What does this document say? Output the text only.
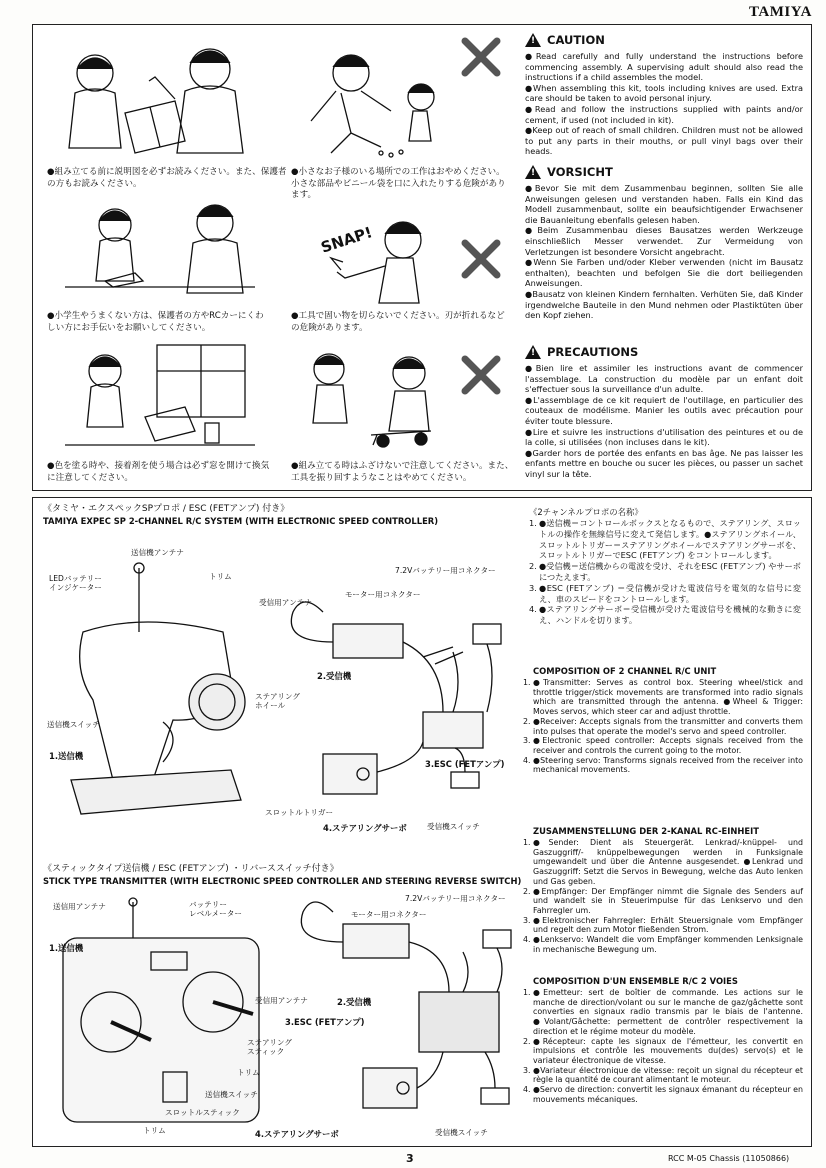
TAMIYA
●組み立てる前に説明図を必ずお読みください。また、保護者の方もお読みください。
●小さなお子様のいる場所での工作はおやめください。小さな部品やビニール袋を口に入れたりする危険があります。
●小学生やうまくない方は、保護者の方やRCカーにくわしい方にお手伝いをお願いしてください。
SNAP!
●工具で固い物を切らないでください。刃が折れるなどの危険があります。
●色を塗る時や、接着剤を使う場合は必ず窓を開けて換気に注意してください。
●組み立てる時はふざけないで注意してください。また、工具を振り回すようなことはやめてください。
!
CAUTION

●Read carefully and fully understand the instructions before commencing assembly. A supervising adult should also read the instructions if a child assembles the model.

●When assembling this kit, tools including knives are used. Extra care should be taken to avoid personal injury.

●Read and follow the instructions supplied with paints and/or cement, if used (not included in kit).

●Keep out of reach of small children. Children must not be allowed to put any parts in their mouths, or pull vinyl bags over their heads.

!
VORSICHT

●Bevor Sie mit dem Zusammenbau beginnen, sollten Sie alle Anweisungen gelesen und verstanden haben. Falls ein Kind das Modell zusammenbaut, sollte ein beaufsichtigender Erwachsener die Bauanleitung ebenfalls gelesen haben.

●Beim Zusammenbau dieses Bausatzes werden Werkzeuge einschließlich Messer verwendet. Zur Vermeidung von Verletzungen ist besondere Vorsicht angebracht.

●Wenn Sie Farben und/oder Kleber verwenden (nicht im Bausatz enthalten), beachten und befolgen Sie die dort beiliegenden Anweisungen.

●Bausatz von kleinen Kindern fernhalten. Verhüten Sie, daß Kinder irgendwelche Bauteile in den Mund nehmen oder Plastiktüten über den Kopf ziehen.

!
PRECAUTIONS

●Bien lire et assimiler les instructions avant de commencer l'assemblage. La construction du modèle par un enfant doit s'effectuer sous la surveillance d'un adulte.

●L'assemblage de ce kit requiert de l'outillage, en particulier des couteaux de modélisme. Manier les outils avec précaution pour éviter toute blessure.

●Lire et suivre les instructions d'utilisation des peintures et ou de la colle, si utilisées (non incluses dans le kit).

●Garder hors de portée des enfants en bas âge. Ne pas laisser les enfants mettre en bouche ou sucer les pièces, ou passer un sachet vinyl sur la tête.

《タミヤ・エクスペックSPプロポ / ESC (FETアンプ) 付き》
TAMIYA EXPEC SP 2-CHANNEL R/C SYSTEM (WITH ELECTRONIC SPEED CONTROLLER)
送信機アンテナ
LEDバッテリー
インジケーター
トリム
受信用アンテナ
モーター用コネクター
7.2Vバッテリー用コネクター
ステアリング
ホイール
送信機スイッチ
スロットルトリガー
受信機スイッチ
1.送信機
2.受信機
3.ESC (FETアンプ)
4.ステアリングサーボ
《スティックタイプ送信機 / ESC (FETアンプ) ・リバーススイッチ付き》
STICK TYPE TRANSMITTER (WITH ELECTRONIC SPEED CONTROLLER AND STEERING REVERSE SWITCH)
送信用アンテナ	バッテリー
レベルメーター
7.2Vバッテリー用コネクター
モーター用コネクター
受信用アンテナ
ステアリング
スティック
トリム
送信機スイッチ
スロットルスティック
トリム	受信機スイッチ
1.送信機
2.受信機
3.ESC (FETアンプ)
4.ステアリングサーボ
《2チャンネルプロポの名称》
1. ●送信機＝コントロールボックスとなるもので、ステアリング、スロットルの操作を無線信号に変えて発信します。●ステアリングホイール、スロットルトリガー＝ステアリングホイールでステアリングサーボを、スロットルトリガーでESC (FETアンプ) をコントロールします。
2. ●受信機＝送信機からの電波を受け、それをESC (FETアンプ) やサーボにつたえます。
3. ●ESC (FETアンプ) ＝受信機が受けた電波信号を電気的な信号に変え、車のスピードをコントロールします。
4. ●ステアリングサーボ＝受信機が受けた電波信号を機械的な動きに変え、ハンドルを切ります。
COMPOSITION OF 2 CHANNEL R/C UNIT
1. ●Transmitter: Serves as control box. Steering wheel/stick and throttle trigger/stick movements are transformed into radio signals which are transmitted through the antenna. ●Wheel & Trigger: Moves servos, which steer car and adjust throttle.
2. ●Receiver: Accepts signals from the transmitter and converts them into pulses that operate the model's servo and speed controller.
3. ●Electronic speed controller: Accepts signals received from the receiver and controls the current going to the motor.
4. ●Steering servo: Transforms signals received from the receiver into mechanical movements.
ZUSAMMENSTELLUNG DER 2-KANAL RC-EINHEIT
1. ●Sender: Dient als Steuergerät. Lenkrad/-knüppel- und Gaszuggriff/- knüppelbewegungen werden in Funksignale umgewandelt und über die Antenne ausgesendet. ●Lenkrad und Gaszuggriff: Setzt die Servos in Bewegung, welche das Auto lenken und Gas geben.
2. ●Empfänger: Der Empfänger nimmt die Signale des Senders auf und wandelt sie in Steuerimpulse für das Lenkservo und den Fahrregler um.
3. ●Elektronischer Fahrregler: Erhält Steuersignale vom Empfänger und regelt den zum Motor fließenden Strom.
4. ●Lenkservo: Wandelt die vom Empfänger kommenden Lenksignale in mechanische Bewegung um.
COMPOSITION D'UN ENSEMBLE R/C 2 VOIES
1. ●Emetteur: sert de boîtier de commande. Les actions sur le manche de direction/volant ou sur le manche de gaz/gâchette sont converties en signaux radio transmis par le biais de l'antenne. ●Volant/Gâchette: permettent de contrôler respectivement la direction et le régime moteur du modèle.
2. ●Récepteur: capte les signaux de l'émetteur, les convertit en impulsions et contrôle les mouvements du(des) servo(s) et le variateur électronique de vitesse.
3. ●Variateur électronique de vitesse: reçoit un signal du récepteur et règle la quantité de courant alimentant le moteur.
4. ●Servo de direction: convertit les signaux émanant du récepteur en mouvements mécaniques.
3	RCC M-05 Chassis (11050866)
